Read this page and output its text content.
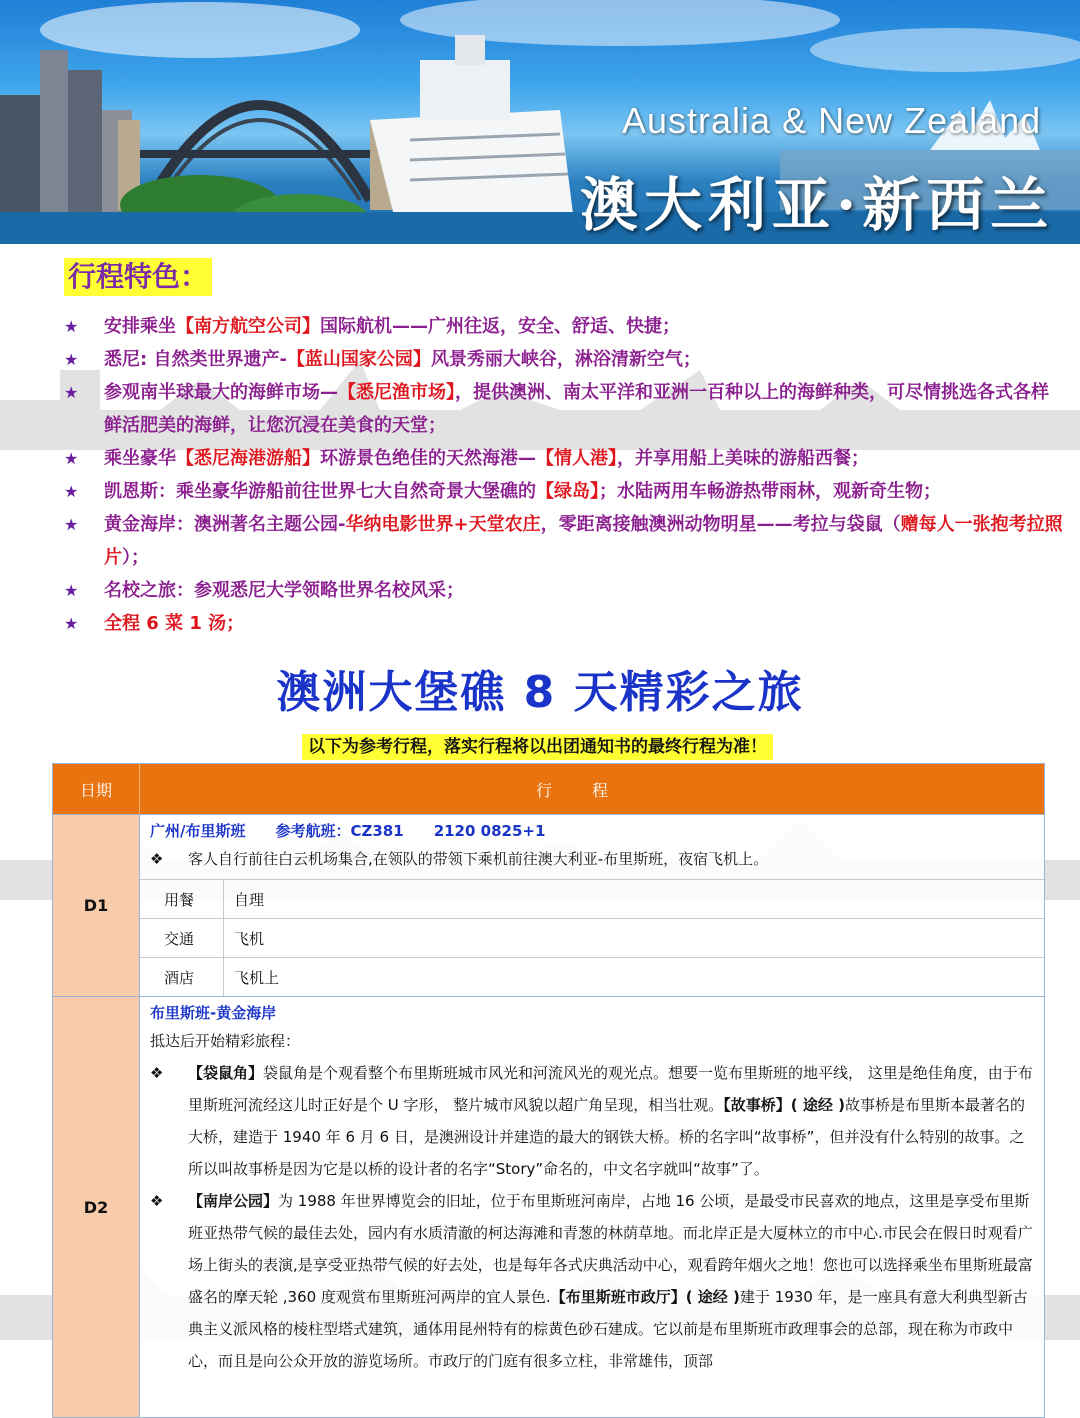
Australia & New Zealand
澳大利亚·新西兰
行程特色：
★ 安排乘坐【南方航空公司】国际航机——广州往返，安全、舒适、快捷；
★ 悉尼: 自然类世界遗产-【蓝山国家公园】风景秀丽大峡谷，淋浴清新空气；
★ 参观南半球最大的海鲜市场—【悉尼渔市场】，提供澳洲、南太平洋和亚洲一百种以上的海鲜种类，可尽情挑选各式各样鲜活肥美的海鲜，让您沉浸在美食的天堂；
★ 乘坐豪华【悉尼海港游船】环游景色绝佳的天然海港—【情人港】，并享用船上美味的游船西餐；
★ 凯恩斯：乘坐豪华游船前往世界七大自然奇景大堡礁的【绿岛】；水陆两用车畅游热带雨林，观新奇生物；
★ 黄金海岸：澳洲著名主题公园-华纳电影世界+天堂农庄，零距离接触澳洲动物明星——考拉与袋鼠（赠每人一张抱考拉照片）；
★ 名校之旅：参观悉尼大学领略世界名校风采；
★ 全程 6 菜 1 汤；
澳洲大堡礁 8 天精彩之旅
以下为参考行程，落实行程将以出团通知书的最终行程为准！
日期	行程
D1
广州/布里斯班 参考航班：CZ381 2120 0825+1
❖	客人自行前往白云机场集合,在领队的带领下乘机前往澳大利亚-布里斯班，夜宿飞机上。
用餐	自理
交通	飞机
酒店	飞机上
D2
布里斯班-黄金海岸
抵达后开始精彩旅程：
❖	【袋鼠角】袋鼠角是个观看整个布里斯班城市风光和河流风光的观光点。想要一览布里斯班的地平线， 这里是绝佳角度，由于布里斯班河流经这儿时正好是个 U 字形， 整片城市风貌以超广角呈现，相当壮观。【故事桥】( 途经 )故事桥是布里斯本最著名的大桥，建造于 1940 年 6 月 6 日，是澳洲设计并建造的最大的钢铁大桥。桥的名字叫“故事桥”，但并没有什么特别的故事。之所以叫故事桥是因为它是以桥的设计者的名字“Story”命名的，中文名字就叫“故事”了。
❖	【南岸公园】为 1988 年世界博览会的旧址，位于布里斯班河南岸，占地 16 公顷，是最受市民喜欢的地点，这里是享受布里斯班亚热带气候的最佳去处，园内有水质清澈的柯达海滩和青葱的林荫草地。而北岸正是大厦林立的市中心.市民会在假日时观看广场上街头的表演,是享受亚热带气候的好去处，也是每年各式庆典活动中心，观看跨年烟火之地！您也可以选择乘坐布里斯班最富盛名的摩天轮 ,360 度观赏布里斯班河两岸的宜人景色.【布里斯班市政厅】( 途经 )建于 1930 年，是一座具有意大利典型新古典主义派风格的棱柱型塔式建筑，通体用昆州特有的棕黄色砂石建成。它以前是布里斯班市政理事会的总部，现在称为市政中心，而且是向公众开放的游览场所。市政厅的门庭有很多立柱，非常雄伟，顶部
